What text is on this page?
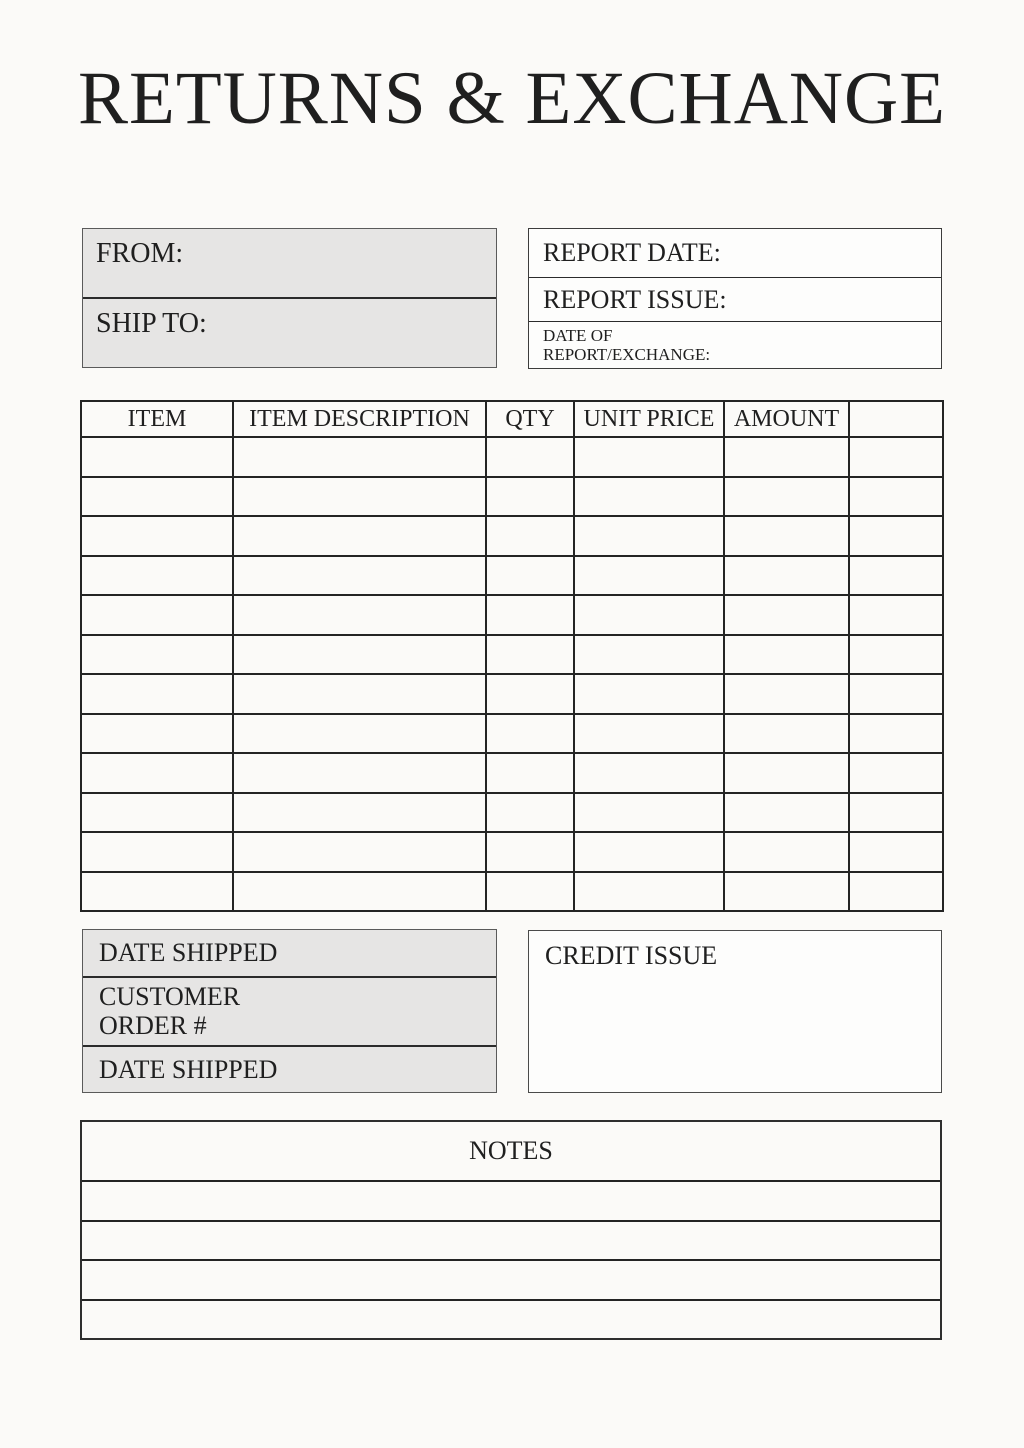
RETURNS & EXCHANGE
FROM:
SHIP TO:
REPORT DATE:
REPORT ISSUE:
DATE OF REPORT/EXCHANGE:
ITEM	ITEM DESCRIPTION	QTY	UNIT PRICE	AMOUNT	

DATE SHIPPED
CUSTOMER ORDER #
DATE SHIPPED
CREDIT ISSUE
NOTES
